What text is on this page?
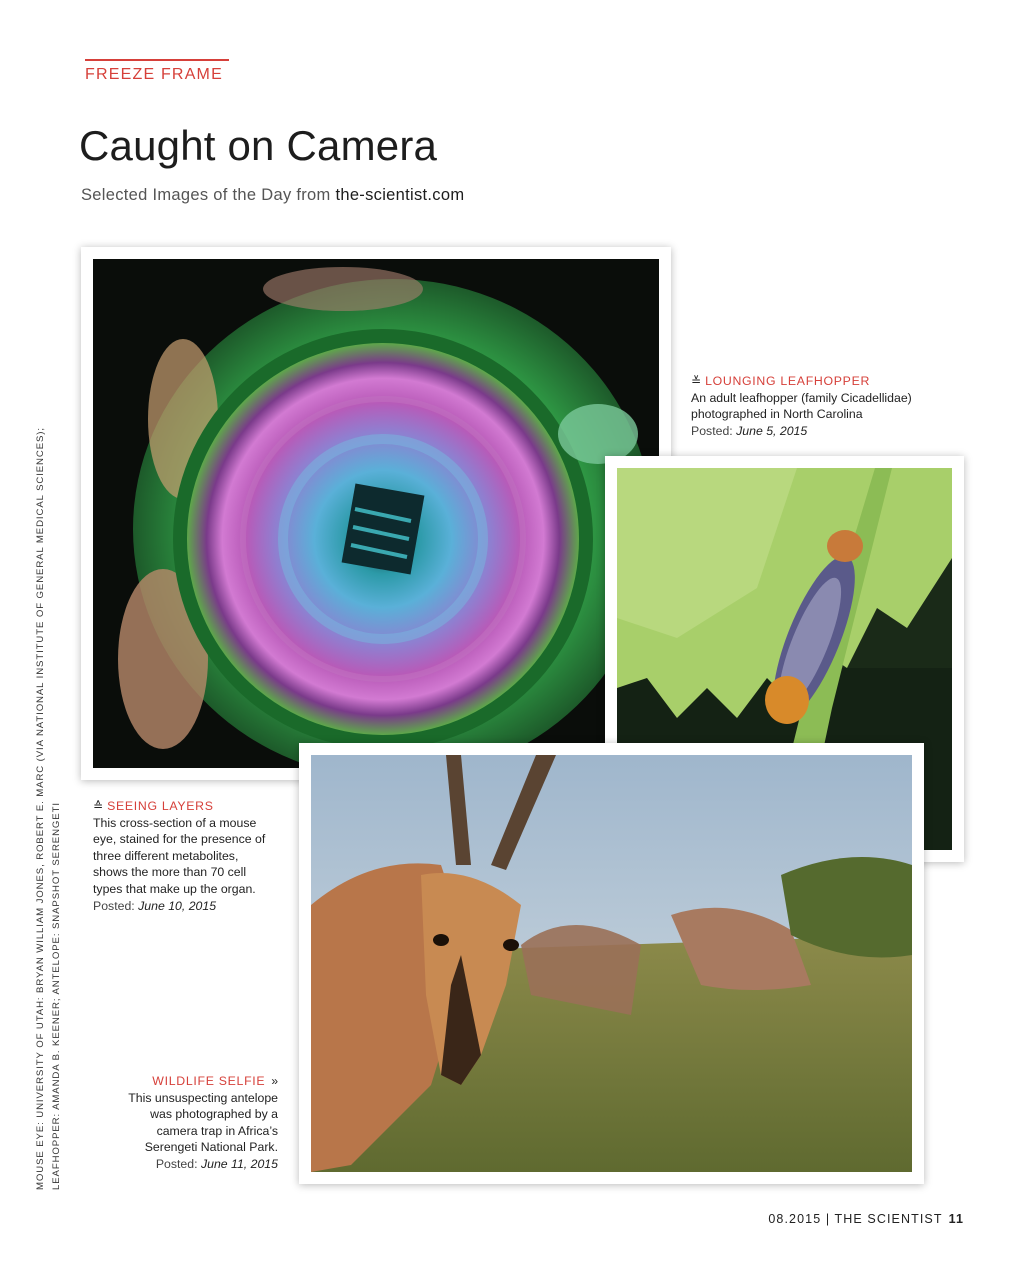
FREEZE FRAME
Caught on Camera
Selected Images of the Day from the-scientist.com
MOUSE EYE: UNIVERSITY OF UTAH: BRYAN WILLIAM JONES, ROBERT E. MARC (VIA NATIONAL INSTITUTE OF GENERAL MEDICAL SCIENCES); LEAFHOPPER: AMANDA B. KEENER; ANTELOPE: SNAPSHOT SERENGETI
≚ LOUNGING LEAFHOPPER
An adult leafhopper (family Cicadellidae) photographed in North Carolina
Posted: June 5, 2015
≙ SEEING LAYERS
This cross-section of a mouse eye, stained for the presence of three different metabolites, shows the more than 70 cell types that make up the organ.
Posted: June 10, 2015
WILDLIFE SELFIE »
This unsuspecting antelope was photographed by a camera trap in Africa’s Serengeti National Park.
Posted: June 11, 2015
08.2015 | THE SCIENTIST 11
